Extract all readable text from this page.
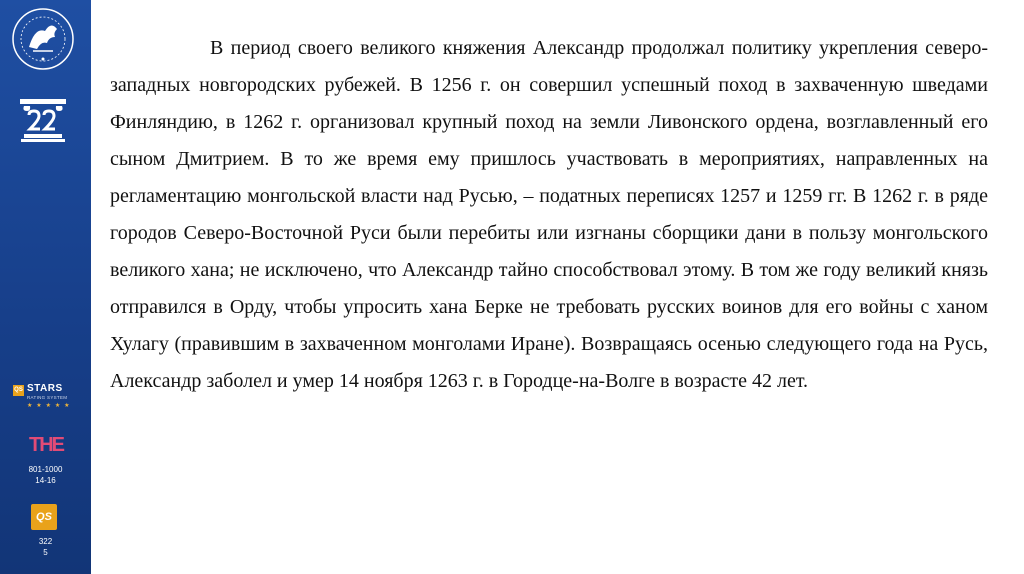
QS STARS
RATING SYSTEM
★ ★ ★ ★ ★
THE
801-1000
14-16
QS
322
5

В период своего великого княжения Александр продолжал политику укрепления северо-западных новгородских рубежей. В 1256 г. он совершил успешный поход в захваченную шведами Финляндию, в 1262 г. организовал крупный поход на земли Ливонского ордена, возглавленный его сыном Дмитрием. В то же время ему пришлось участвовать в мероприятиях, направленных на регламентацию монгольской власти над Русью, – податных переписях 1257 и 1259 гг. В 1262 г. в ряде городов Северо-Восточной Руси были перебиты или изгнаны сборщики дани в пользу монгольского великого хана; не исключено, что Александр тайно способствовал этому. В том же году великий князь отправился в Орду, чтобы упросить хана Берке не требовать русских воинов для его войны с ханом Хулагу (правившим в захваченном монголами Иране). Возвращаясь осенью следующего года на Русь, Александр заболел и умер 14 ноября 1263 г. в Городце-на-Волге в возрасте 42 лет.
